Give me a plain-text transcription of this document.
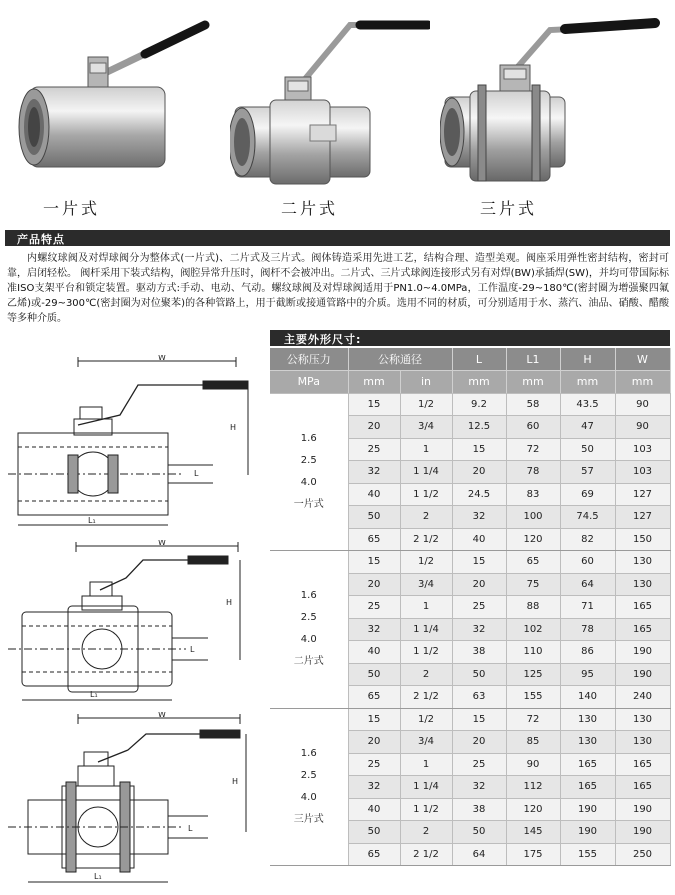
一片式	二片式	三片式
产品特点
内螺纹球阀及对焊球阀分为整体式(一片式)、二片式及三片式。阀体铸造采用先进工艺，结构合理、造型美观。阀座采用弹性密封结构，密封可靠，启闭轻松。 阀杆采用下装式结构，阀腔异常升压时，阀杆不会被冲出。二片式、三片式球阀连接形式另有对焊(BW)承插焊(SW)，并均可带国际标准ISO支架平台和锁定装置。驱动方式:手动、电动、气动。螺纹球阀及对焊球阀适用于PN1.0~4.0MPa，工作温度-29~180℃(密封圈为增强聚四氟乙烯)或-29~300℃(密封圈为对位聚苯)的各种管路上，用于截断或接通管路中的介质。选用不同的材质，可分别适用于水、蒸汽、油品、硝酸、醋酸等多种介质。
主要外形尺寸:
W
H
L
L₁
W
H
L
L₁
W
H
L
L₁
公称压力	公称通径		L	L1	H	W
MPa	mm	in	mm	mm	mm	mm

1.6
2.5
4.0
一片式	15	1/2	9.2	58	43.5	90
	20	3/4	12.5	60	47	90
	25	1	15	72	50	103
	32	1 1/4	20	78	57	103
	40	1 1/2	24.5	83	69	127
	50	2	32	100	74.5	127
	65	2 1/2	40	120	82	150

1.6
2.5
4.0
二片式	15	1/2	15	65	60	130
	20	3/4	20	75	64	130
	25	1	25	88	71	165
	32	1 1/4	32	102	78	165
	40	1 1/2	38	110	86	190
	50	2	50	125	95	190
	65	2 1/2	63	155	140	240

1.6
2.5
4.0
三片式	15	1/2	15	72	130	130
	20	3/4	20	85	130	130
	25	1	25	90	165	165
	32	1 1/4	32	112	165	165
	40	1 1/2	38	120	190	190
	50	2	50	145	190	190
	65	2 1/2	64	175	155	250
